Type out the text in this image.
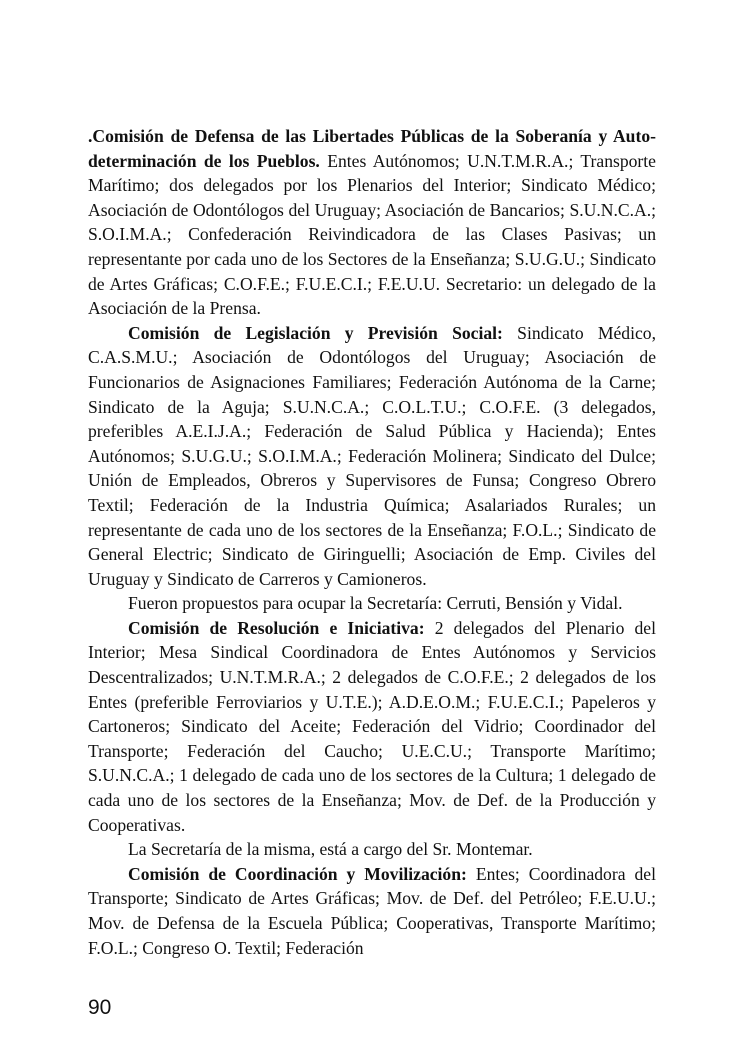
.Comisión de Defensa de las Libertades Públicas de la Soberanía y Auto-determinación de los Pueblos. Entes Autónomos; U.N.T.M.R.A.; Transporte Marítimo; dos delegados por los Plenarios del Interior; Sindicato Médico; Asociación de Odontólogos del Uruguay; Asociación de Bancarios; S.U.N.C.A.; S.O.I.M.A.; Confederación Reivindicadora de las Clases Pasivas; un representante por cada uno de los Sectores de la Enseñanza; S.U.G.U.; Sindicato de Artes Gráficas; C.O.F.E.; F.U.E.C.I.; F.E.U.U. Secretario: un delegado de la Asociación de la Prensa.

Comisión de Legislación y Previsión Social: Sindicato Médico, C.A.S.M.U.; Asociación de Odontólogos del Uruguay; Asociación de Funcionarios de Asignaciones Familiares; Federación Autónoma de la Carne; Sindicato de la Aguja; S.U.N.C.A.; C.O.L.T.U.; C.O.F.E. (3 delegados, preferibles A.E.I.J.A.; Federación de Salud Pública y Hacienda); Entes Autónomos; S.U.G.U.; S.O.I.M.A.; Federación Molinera; Sindicato del Dulce; Unión de Empleados, Obreros y Supervisores de Funsa; Congreso Obrero Textil; Federación de la Industria Química; Asalariados Rurales; un representante de cada uno de los sectores de la Enseñanza; F.O.L.; Sindicato de General Electric; Sindicato de Giringuelli; Asociación de Emp. Civiles del Uruguay y Sindicato de Carreros y Camioneros.

Fueron propuestos para ocupar la Secretaría: Cerruti, Bensión y Vidal.

Comisión de Resolución e Iniciativa: 2 delegados del Plenario del Interior; Mesa Sindical Coordinadora de Entes Autónomos y Servicios Descentralizados; U.N.T.M.R.A.; 2 delegados de C.O.F.E.; 2 delegados de los Entes (preferible Ferroviarios y U.T.E.); A.D.E.O.M.; F.U.E.C.I.; Papeleros y Cartoneros; Sindicato del Aceite; Federación del Vidrio; Coordinador del Transporte; Federación del Caucho; U.E.C.U.; Transporte Marítimo; S.U.N.C.A.; 1 delegado de cada uno de los sectores de la Cultura; 1 delegado de cada uno de los sectores de la Enseñanza; Mov. de Def. de la Producción y Cooperativas.

La Secretaría de la misma, está a cargo del Sr. Montemar.

Comisión de Coordinación y Movilización: Entes; Coordinadora del Transporte; Sindicato de Artes Gráficas; Mov. de Def. del Petróleo; F.E.U.U.; Mov. de Defensa de la Escuela Pública; Cooperativas, Transporte Marítimo; F.O.L.; Congreso O. Textil; Federación

90
